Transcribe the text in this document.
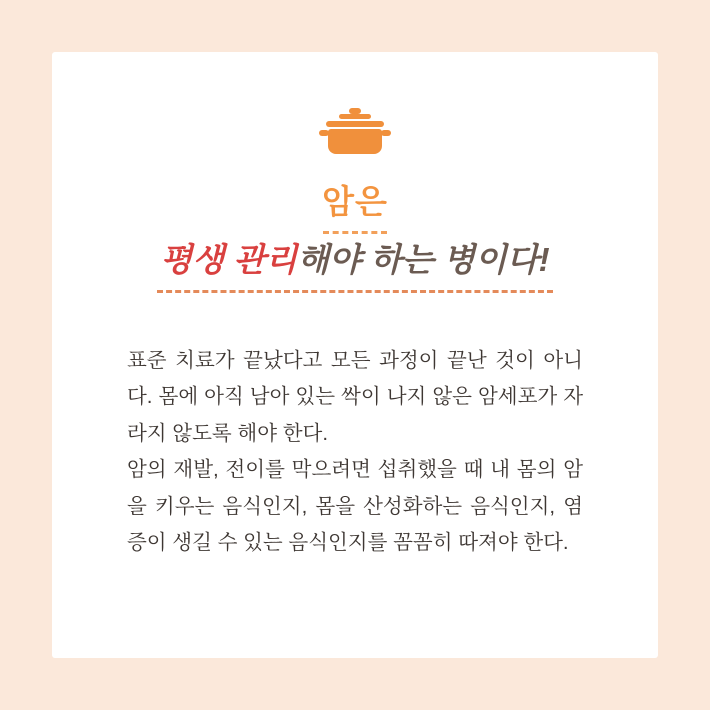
암은
평생 관리해야 하는 병이다!

표준 치료가 끝났다고 모든 과정이 끝난 것이 아니다. 몸에 아직 남아 있는 싹이 나지 않은 암세포가 자라지 않도록 해야 한다.

암의 재발, 전이를 막으려면 섭취했을 때 내 몸의 암을 키우는 음식인지, 몸을 산성화하는 음식인지, 염증이 생길 수 있는 음식인지를 꼼꼼히 따져야 한다.
